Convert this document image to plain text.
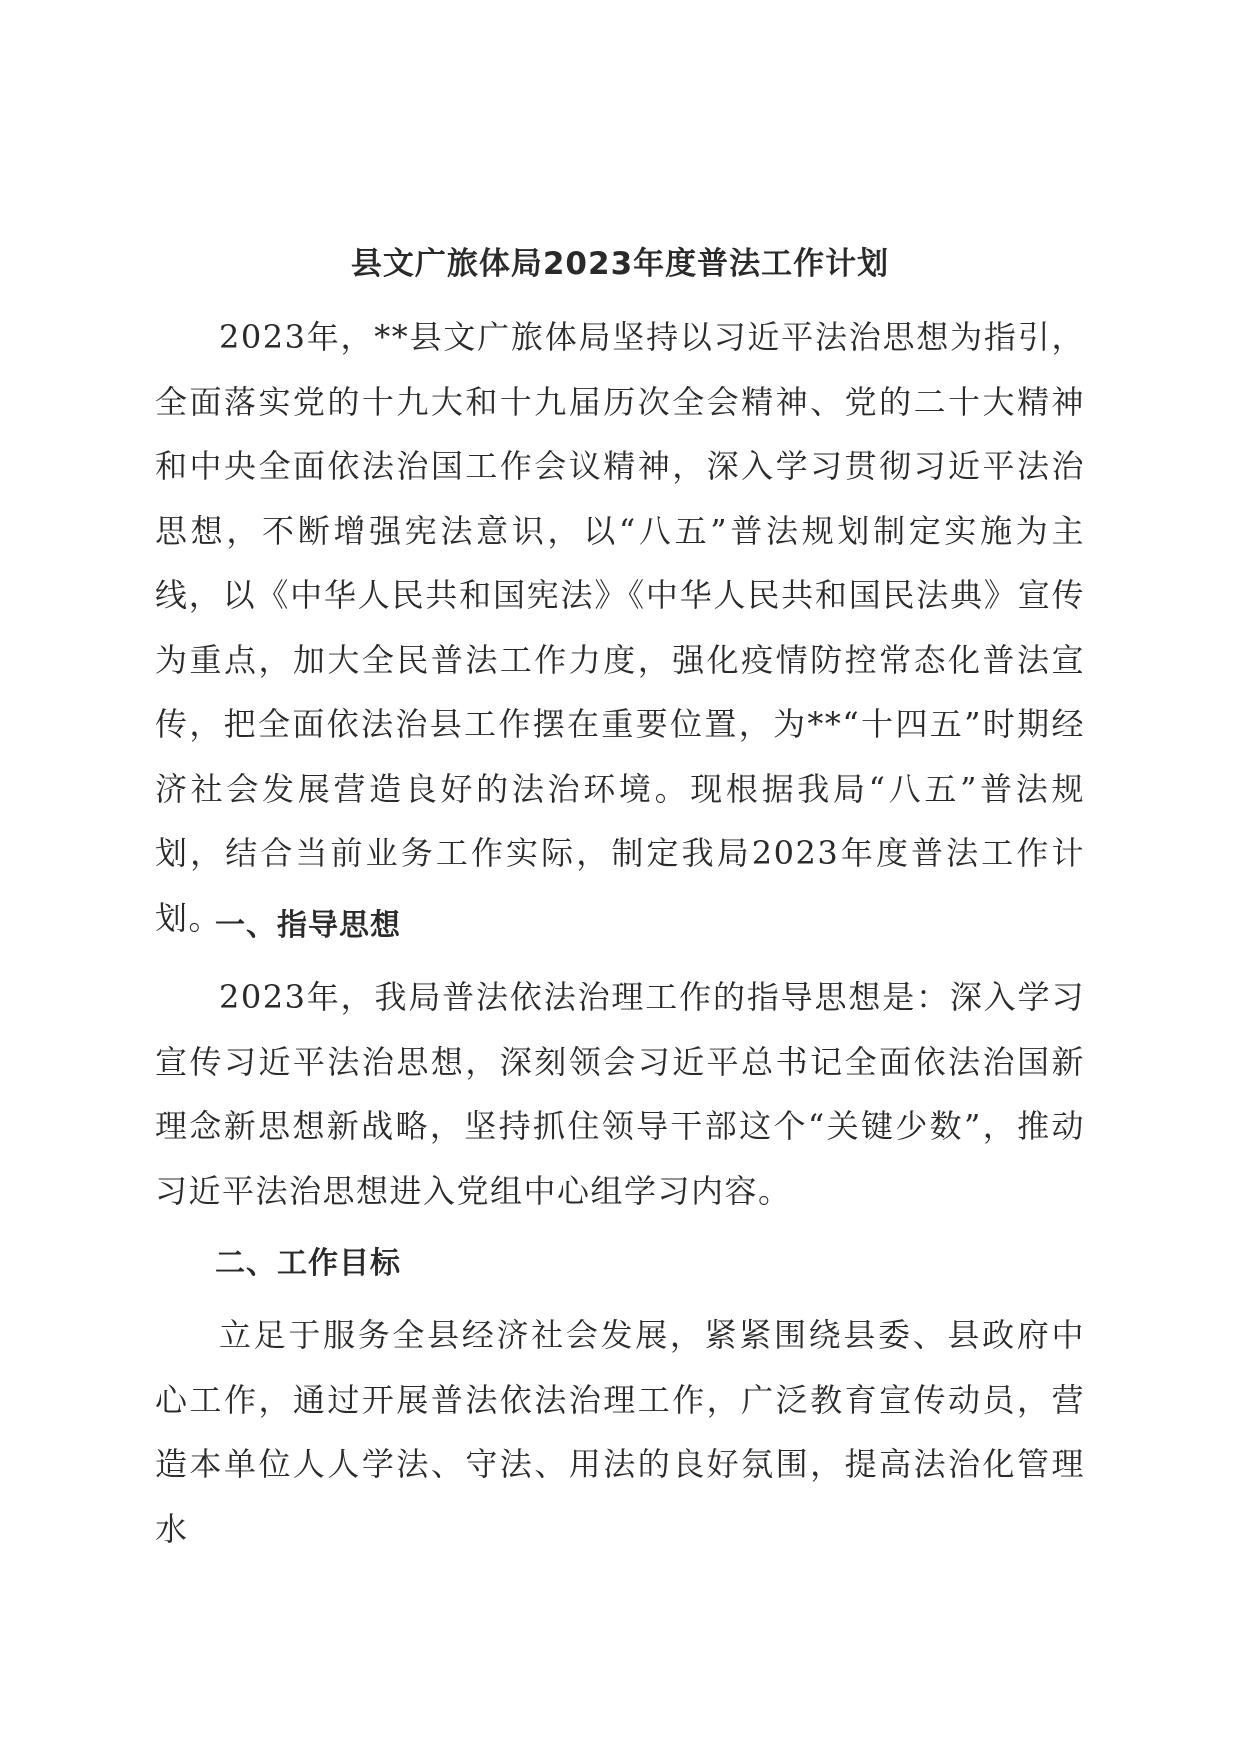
县文广旅体局2023年度普法工作计划

2023年，**县文广旅体局坚持以习近平法治思想为指引，全面落实党的十九大和十九届历次全会精神、党的二十大精神和中央全面依法治国工作会议精神，深入学习贯彻习近平法治思想，不断增强宪法意识，以“八五”普法规划制定实施为主线，以《中华人民共和国宪法》《中华人民共和国民法典》宣传为重点，加大全民普法工作力度，强化疫情防控常态化普法宣传，把全面依法治县工作摆在重要位置，为**“十四五”时期经济社会发展营造良好的法治环境。现根据我局“八五”普法规划，结合当前业务工作实际，制定我局2023年度普法工作计划。

一、指导思想

2023年，我局普法依法治理工作的指导思想是：深入学习宣传习近平法治思想，深刻领会习近平总书记全面依法治国新理念新思想新战略，坚持抓住领导干部这个“关键少数”，推动习近平法治思想进入党组中心组学习内容。

二、工作目标

立足于服务全县经济社会发展，紧紧围绕县委、县政府中心工作，通过开展普法依法治理工作，广泛教育宣传动员，营造本单位人人学法、守法、用法的良好氛围，提高法治化管理水
